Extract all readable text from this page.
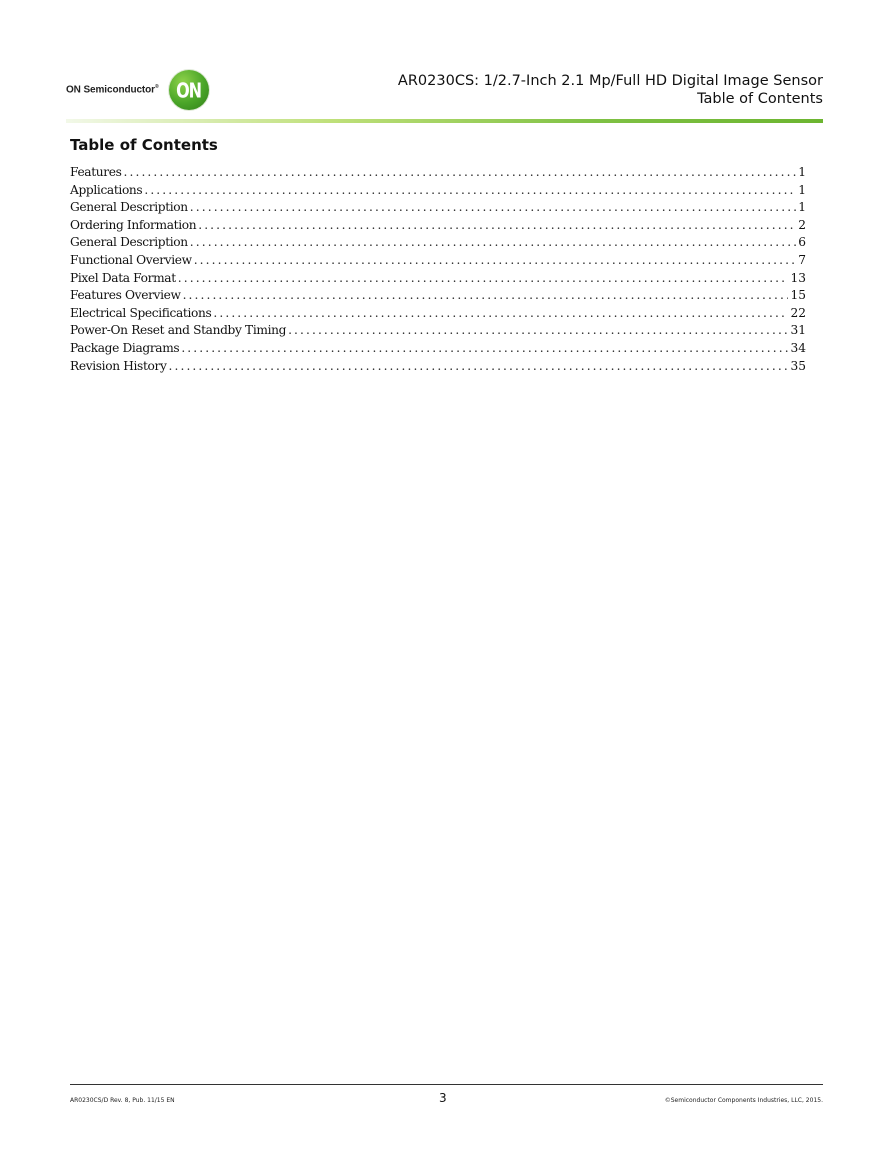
ON Semiconductor® ON	AR0230CS: 1/2.7-Inch 2.1 Mp/Full HD Digital Image Sensor
Table of Contents
Table of Contents
Features .....	1
Applications .....	1
General Description .....	1
Ordering Information .....	2
General Description .....	6
Functional Overview .....	7
Pixel Data Format .....	13
Features Overview .....	15
Electrical Specifications .....	22
Power-On Reset and Standby Timing .....	31
Package Diagrams .....	34
Revision History .....	35
AR0230CS/D Rev. 8, Pub. 11/15 EN	3	©Semiconductor Components Industries, LLC, 2015.
